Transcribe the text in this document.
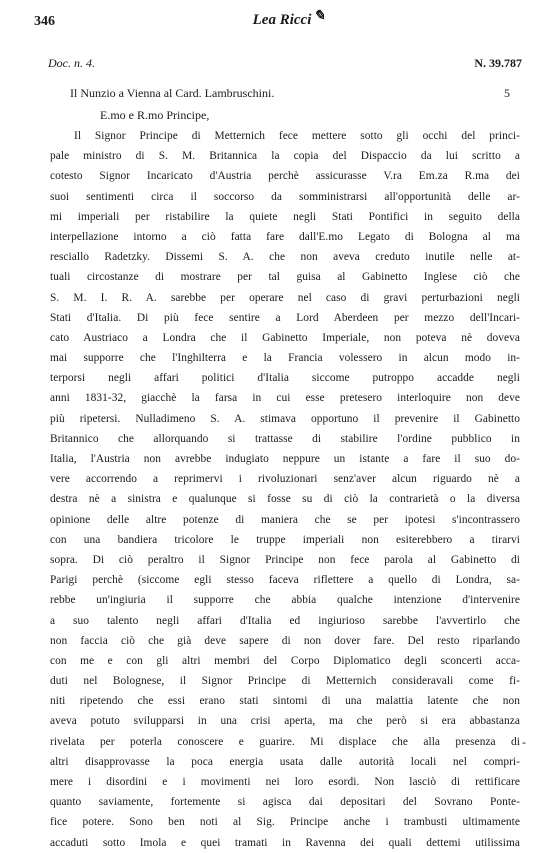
346	Lea Ricci ✎
Doc. n. 4.	N. 39.787
Il Nunzio a Vienna al Card. Lambruschini.	5
E.mo e R.mo Principe,
Il Signor Principe di Metternich fece mettere sotto gli occhi del princi-
pale ministro di S. M. Britannica la copia del Dispaccio da lui scritto a
cotesto Signor Incaricato d'Austria perchè assicurasse V.ra Em.za R.ma dei
suoi sentimenti circa il soccorso da somministrarsi all'opportunità delle ar-
mi imperiali per ristabilire la quiete negli Stati Pontifici in seguito della
interpellazione intorno a ciò fatta fare dall'E.mo Legato di Bologna al ma
resciallo Radetzky. Dissemi S. A. che non aveva creduto inutile nelle at-
tuali circostanze di mostrare per tal guisa al Gabinetto Inglese ciò che
S. M. I. R. A. sarebbe per operare nel caso di gravi perturbazioni negli
Stati d'Italia. Di più fece sentire a Lord Aberdeen per mezzo dell'Incari-
cato Austriaco a Londra che il Gabinetto Imperiale, non poteva nè doveva
mai supporre che l'Inghilterra e la Francia volessero in alcun modo in-
terporsi negli affari politici d'Italia siccome putroppo accadde negli
anni 1831-32, giacchè la farsa in cui esse pretesero interloquire non deve
più ripetersi. Nulladimeno S. A. stimava opportuno il prevenire il Gabinetto
Britannico che allorquando si trattasse di stabilire l'ordine pubblico in
Italia, l'Austria non avrebbe indugiato neppure un istante a fare il suo do-
vere accorrendo a reprimervi i rivoluzionari senz'aver alcun riguardo nè a
destra nè a sinistra e qualunque si fosse su di ciò la contrarietà o la diversa
opinione delle altre potenze di maniera che se per ipotesi s'incontrassero
con una bandiera tricolore le truppe imperiali non esiterebbero a tirarvi
sopra. Di ciò peraltro il Signor Principe non fece parola al Gabinetto di
Parigi perchè (siccome egli stesso faceva riflettere a quello di Londra, sa-
rebbe un'ingiuria il supporre che abbia qualche intenzione d'intervenire
a suo talento negli affari d'Italia ed ingiurioso sarebbe l'avvertirlo che
non faccia ciò che già deve sapere di non dover fare. Del resto riparlando
con me e con gli altri membri del Corpo Diplomatico degli sconcerti acca-
duti nel Bolognese, il Signor Principe di Metternich consideravali come fi-
niti ripetendo che essi erano stati sintomi di una malattia latente che non
aveva potuto svilupparsi in una crisi aperta, ma che però si era abbastanza
rivelata per poterla conoscere e guarire. Mi displace che alla presenza di
altri disapprovasse la poca energia usata dalle autorità locali nel compri-
mere i disordini e i movimenti nei loro esordi. Non lasciò di rettificare
quanto saviamente, fortemente si agisca dai depositari del Sovrano Ponte-
fice potere. Sono ben noti al Sig. Principe anche i trambusti ultimamente
accaduti sotto Imola e quei tramati in Ravenna dei quali dettemi utilissima
-
